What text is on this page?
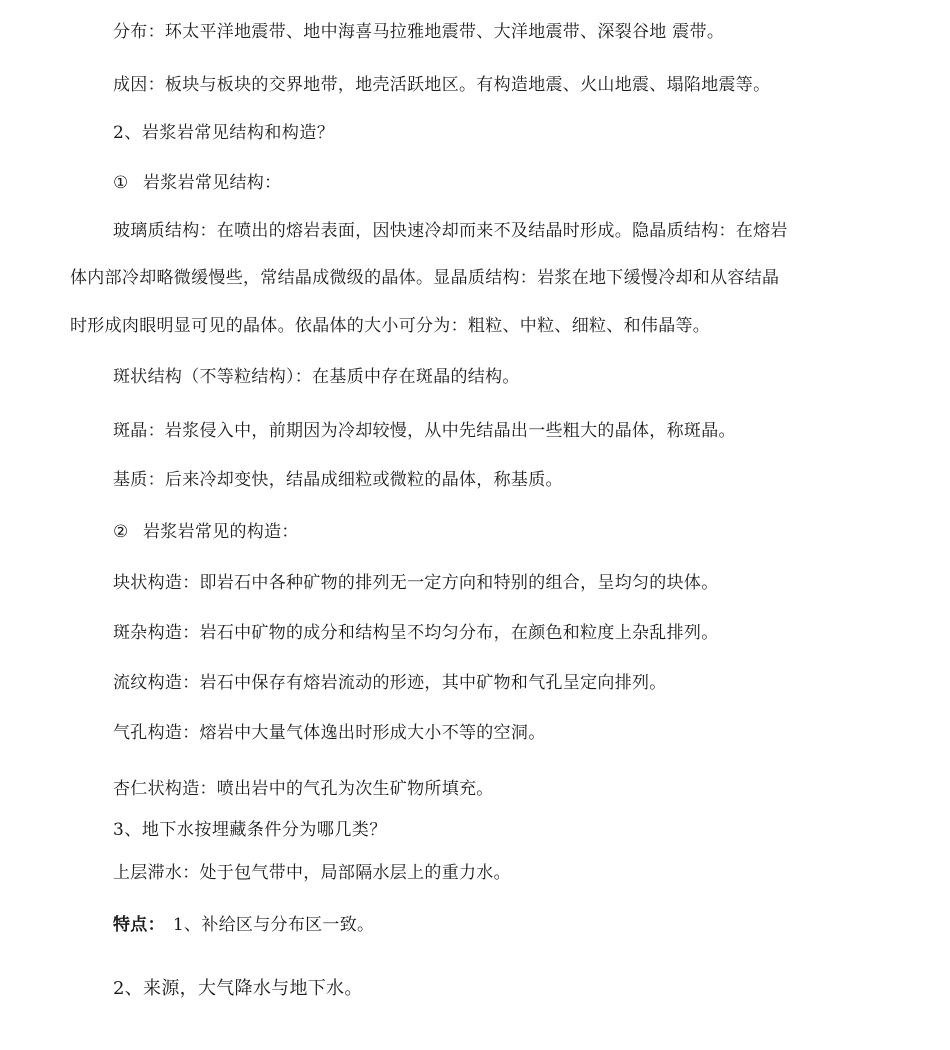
分布：环太平洋地震带、地中海喜马拉雅地震带、大洋地震带、深裂谷地 震带。
成因：板块与板块的交界地带，地壳活跃地区。有构造地震、火山地震、塌陷地震等。
2、岩浆岩常见结构和构造？
① 岩浆岩常见结构：
玻璃质结构：在喷出的熔岩表面，因快速冷却而来不及结晶时形成。隐晶质结构：在熔岩
体内部冷却略微缓慢些，常结晶成微级的晶体。显晶质结构：岩浆在地下缓慢冷却和从容结晶
时形成肉眼明显可见的晶体。依晶体的大小可分为：粗粒、中粒、细粒、和伟晶等。
斑状结构（不等粒结构）：在基质中存在斑晶的结构。
斑晶：岩浆侵入中，前期因为冷却较慢，从中先结晶出一些粗大的晶体，称斑晶。
基质：后来冷却变快，结晶成细粒或微粒的晶体，称基质。
② 岩浆岩常见的构造：
块状构造：即岩石中各种矿物的排列无一定方向和特别的组合，呈均匀的块体。
斑杂构造：岩石中矿物的成分和结构呈不均匀分布，在颜色和粒度上杂乱排列。
流纹构造：岩石中保存有熔岩流动的形迹，其中矿物和气孔呈定向排列。
气孔构造：熔岩中大量气体逸出时形成大小不等的空洞。
杏仁状构造：喷出岩中的气孔为次生矿物所填充。
3、地下水按埋藏条件分为哪几类？
上层滞水：处于包气带中，局部隔水层上的重力水。
特点： 1、补给区与分布区一致。
2、来源，大气降水与地下水。
